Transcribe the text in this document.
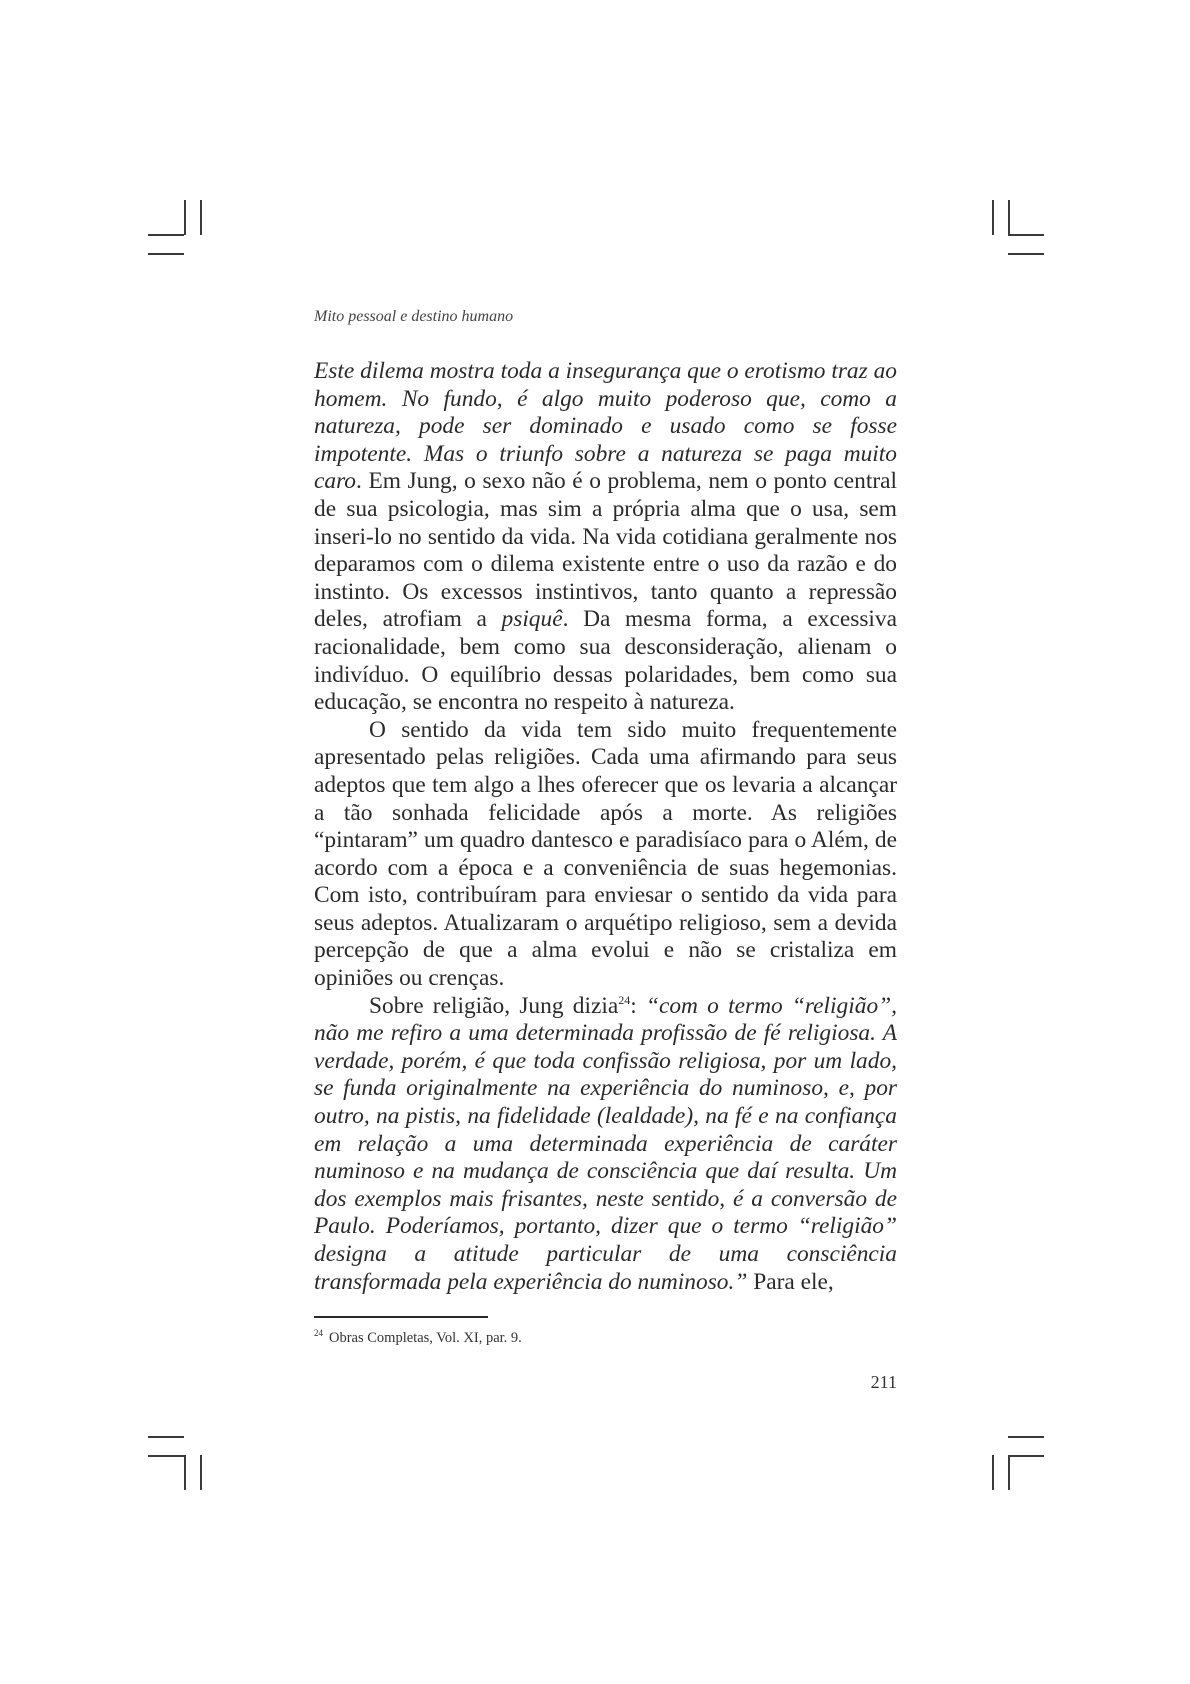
Mito pessoal e destino humano

Este dilema mostra toda a insegurança que o erotismo traz ao homem. No fundo, é algo muito poderoso que, como a natureza, pode ser dominado e usado como se fosse impotente. Mas o triunfo sobre a natureza se paga muito caro. Em Jung, o sexo não é o problema, nem o ponto central de sua psicologia, mas sim a própria alma que o usa, sem inseri-lo no sentido da vida. Na vida cotidiana geralmente nos deparamos com o dilema existente entre o uso da razão e do instinto. Os excessos instintivos, tanto quanto a repressão deles, atrofiam a psiquê. Da mesma forma, a excessiva racionalidade, bem como sua desconsideração, alienam o indivíduo. O equilíbrio dessas polaridades, bem como sua educação, se encontra no respeito à natureza.

O sentido da vida tem sido muito frequentemente apresentado pelas religiões. Cada uma afirmando para seus adeptos que tem algo a lhes oferecer que os levaria a alcançar a tão sonhada felicidade após a morte. As religiões “pintaram” um quadro dantesco e paradisíaco para o Além, de acordo com a época e a conveniência de suas hegemonias. Com isto, contribuíram para enviesar o sentido da vida para seus adeptos. Atualizaram o arquétipo religioso, sem a devida percepção de que a alma evolui e não se cristaliza em opiniões ou crenças.

Sobre religião, Jung dizia$^{24}$: “com o termo “religião”, não me refiro a uma determinada profissão de fé religiosa. A verdade, porém, é que toda confissão religiosa, por um lado, se funda originalmente na experiência do numinoso, e, por outro, na pistis, na fidelidade (lealdade), na fé e na confiança em relação a uma determinada experiência de caráter numinoso e na mudança de consciência que daí resulta. Um dos exemplos mais frisantes, neste sentido, é a conversão de Paulo. Poderíamos, portanto, dizer que o termo “religião” designa a atitude particular de uma consciência transformada pela experiência do numinoso.” Para ele,

$^{24}$ Obras Completas, Vol. XI, par. 9.

211
